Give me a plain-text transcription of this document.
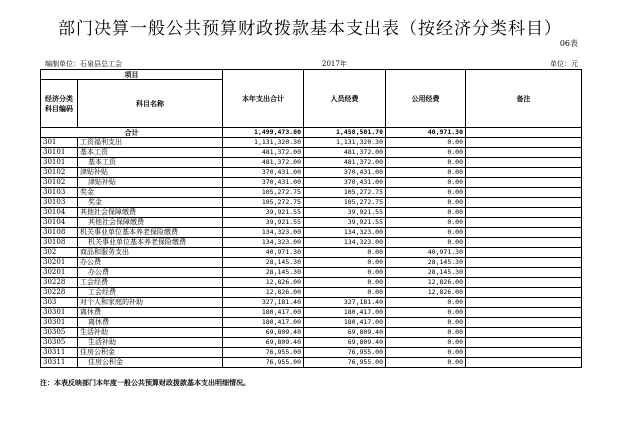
部门决算一般公共预算财政拨款基本支出表（按经济分类科目）
06表
编制单位：石泉县总工会	2017年	单位：元
项目		本年支出合计	人员经费	公用经费	备注
经济分类科目编码	科目名称				
合计		1,499,473.00	1,458,501.70	40,971.30	
301	工资福利支出	1,131,320.30	1,131,320.30	0.00	
30101	基本工资	481,372.00	481,372.00	0.00	
30101	基本工资	481,372.00	481,372.00	0.00	
30102	津贴补贴	370,431.00	370,431.00	0.00	
30102	津贴补贴	370,431.00	370,431.00	0.00	
30103	奖金	105,272.75	105,272.75	0.00	
30103	奖金	105,272.75	105,272.75	0.00	
30104	其他社会保障缴费	39,921.55	39,921.55	0.00	
30104	其他社会保障缴费	39,921.55	39,921.55	0.00	
30108	机关事业单位基本养老保险缴费	134,323.00	134,323.00	0.00	
30108	机关事业单位基本养老保险缴费	134,323.00	134,323.00	0.00	
302	商品和服务支出	40,971.30	0.00	40,971.30	
30201	办公费	28,145.30	0.00	28,145.30	
30201	办公费	28,145.30	0.00	28,145.30	
30228	工会经费	12,826.00	0.00	12,826.00	
30228	工会经费	12,826.00	0.00	12,826.00	
303	对个人和家庭的补助	327,181.40	327,181.40	0.00	
30301	离休费	180,417.00	180,417.00	0.00	
30301	离休费	180,417.00	180,417.00	0.00	
30305	生活补助	69,809.40	69,809.40	0.00	
30305	生活补助	69,809.40	69,809.40	0.00	
30311	住房公积金	76,955.00	76,955.00	0.00	
30311	住房公积金	76,955.00	76,955.00	0.00	
注：本表反映部门本年度一般公共预算财政拨款基本支出明细情况。
